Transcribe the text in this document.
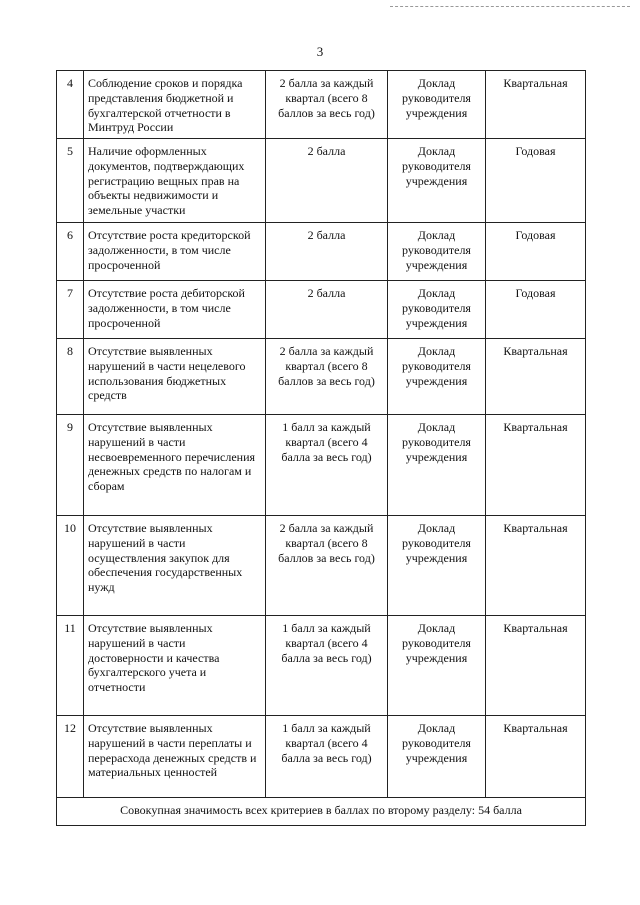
3
4	Соблюдение сроков и порядка представления бюджетной и бухгалтерской отчетности в Минтруд России	2 балла за каждый квартал (всего 8 баллов за весь год)	Доклад руководителя учреждения	Квартальная
5	Наличие оформленных документов, подтверждающих регистрацию вещных прав на объекты недвижимости и земельные участки	2 балла	Доклад руководителя учреждения	Годовая
6	Отсутствие роста кредиторской задолженности, в том числе просроченной	2 балла	Доклад руководителя учреждения	Годовая
7	Отсутствие роста дебиторской задолженности, в том числе просроченной	2 балла	Доклад руководителя учреждения	Годовая
8	Отсутствие выявленных нарушений в части нецелевого использования бюджетных средств	2 балла за каждый квартал (всего 8 баллов за весь год)	Доклад руководителя учреждения	Квартальная
9	Отсутствие выявленных нарушений в части несвоевременного перечисления денежных средств по налогам и сборам	1 балл за каждый квартал (всего 4 балла за весь год)	Доклад руководителя учреждения	Квартальная
10	Отсутствие выявленных нарушений в части осуществления закупок для обеспечения государственных нужд	2 балла за каждый квартал (всего 8 баллов за весь год)	Доклад руководителя учреждения	Квартальная
11	Отсутствие выявленных нарушений в части достоверности и качества бухгалтерского учета и отчетности	1 балл за каждый квартал (всего 4 балла за весь год)	Доклад руководителя учреждения	Квартальная
12	Отсутствие выявленных нарушений в части переплаты и перерасхода денежных средств и материальных ценностей	1 балл за каждый квартал (всего 4 балла за весь год)	Доклад руководителя учреждения	Квартальная
Совокупная значимость всех критериев в баллах по второму разделу: 54 балла				
